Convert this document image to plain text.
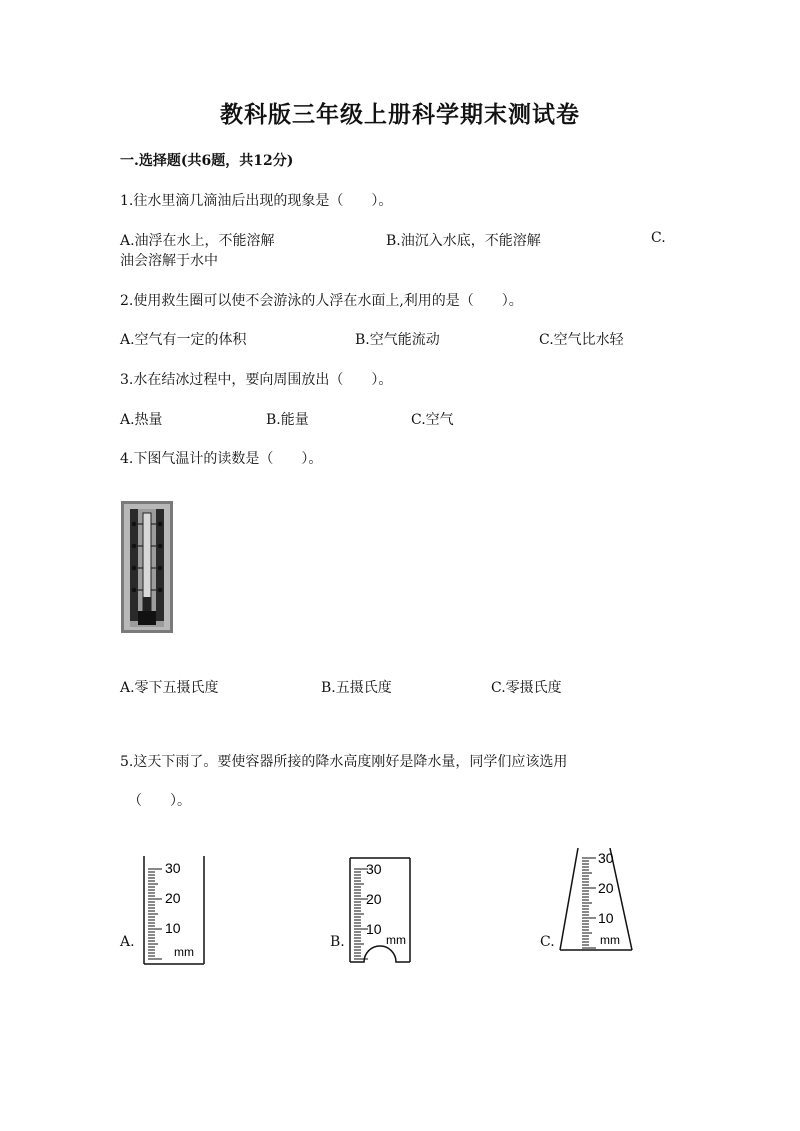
教科版三年级上册科学期末测试卷
一.选择题(共6题，共12分)
1.往水里滴几滴油后出现的现象是（　　）。
A.油浮在水上，不能溶解	B.油沉入水底，不能溶解	C.
油会溶解于水中
2.使用救生圈可以使不会游泳的人浮在水面上,利用的是（　　）。
A.空气有一定的体积	B.空气能流动	C.空气比水轻
3.水在结冰过程中，要向周围放出（　　）。
A.热量	B.能量	C.空气
4.下图气温计的读数是（　　）。
A.零下五摄氏度	B.五摄氏度	C.零摄氏度
5.这天下雨了。要使容器所接的降水高度刚好是降水量，同学们应该选用
（　　）。
A.	B.	C.
30
20
10
mm
30
20
10
mm
30
20
10
mm
